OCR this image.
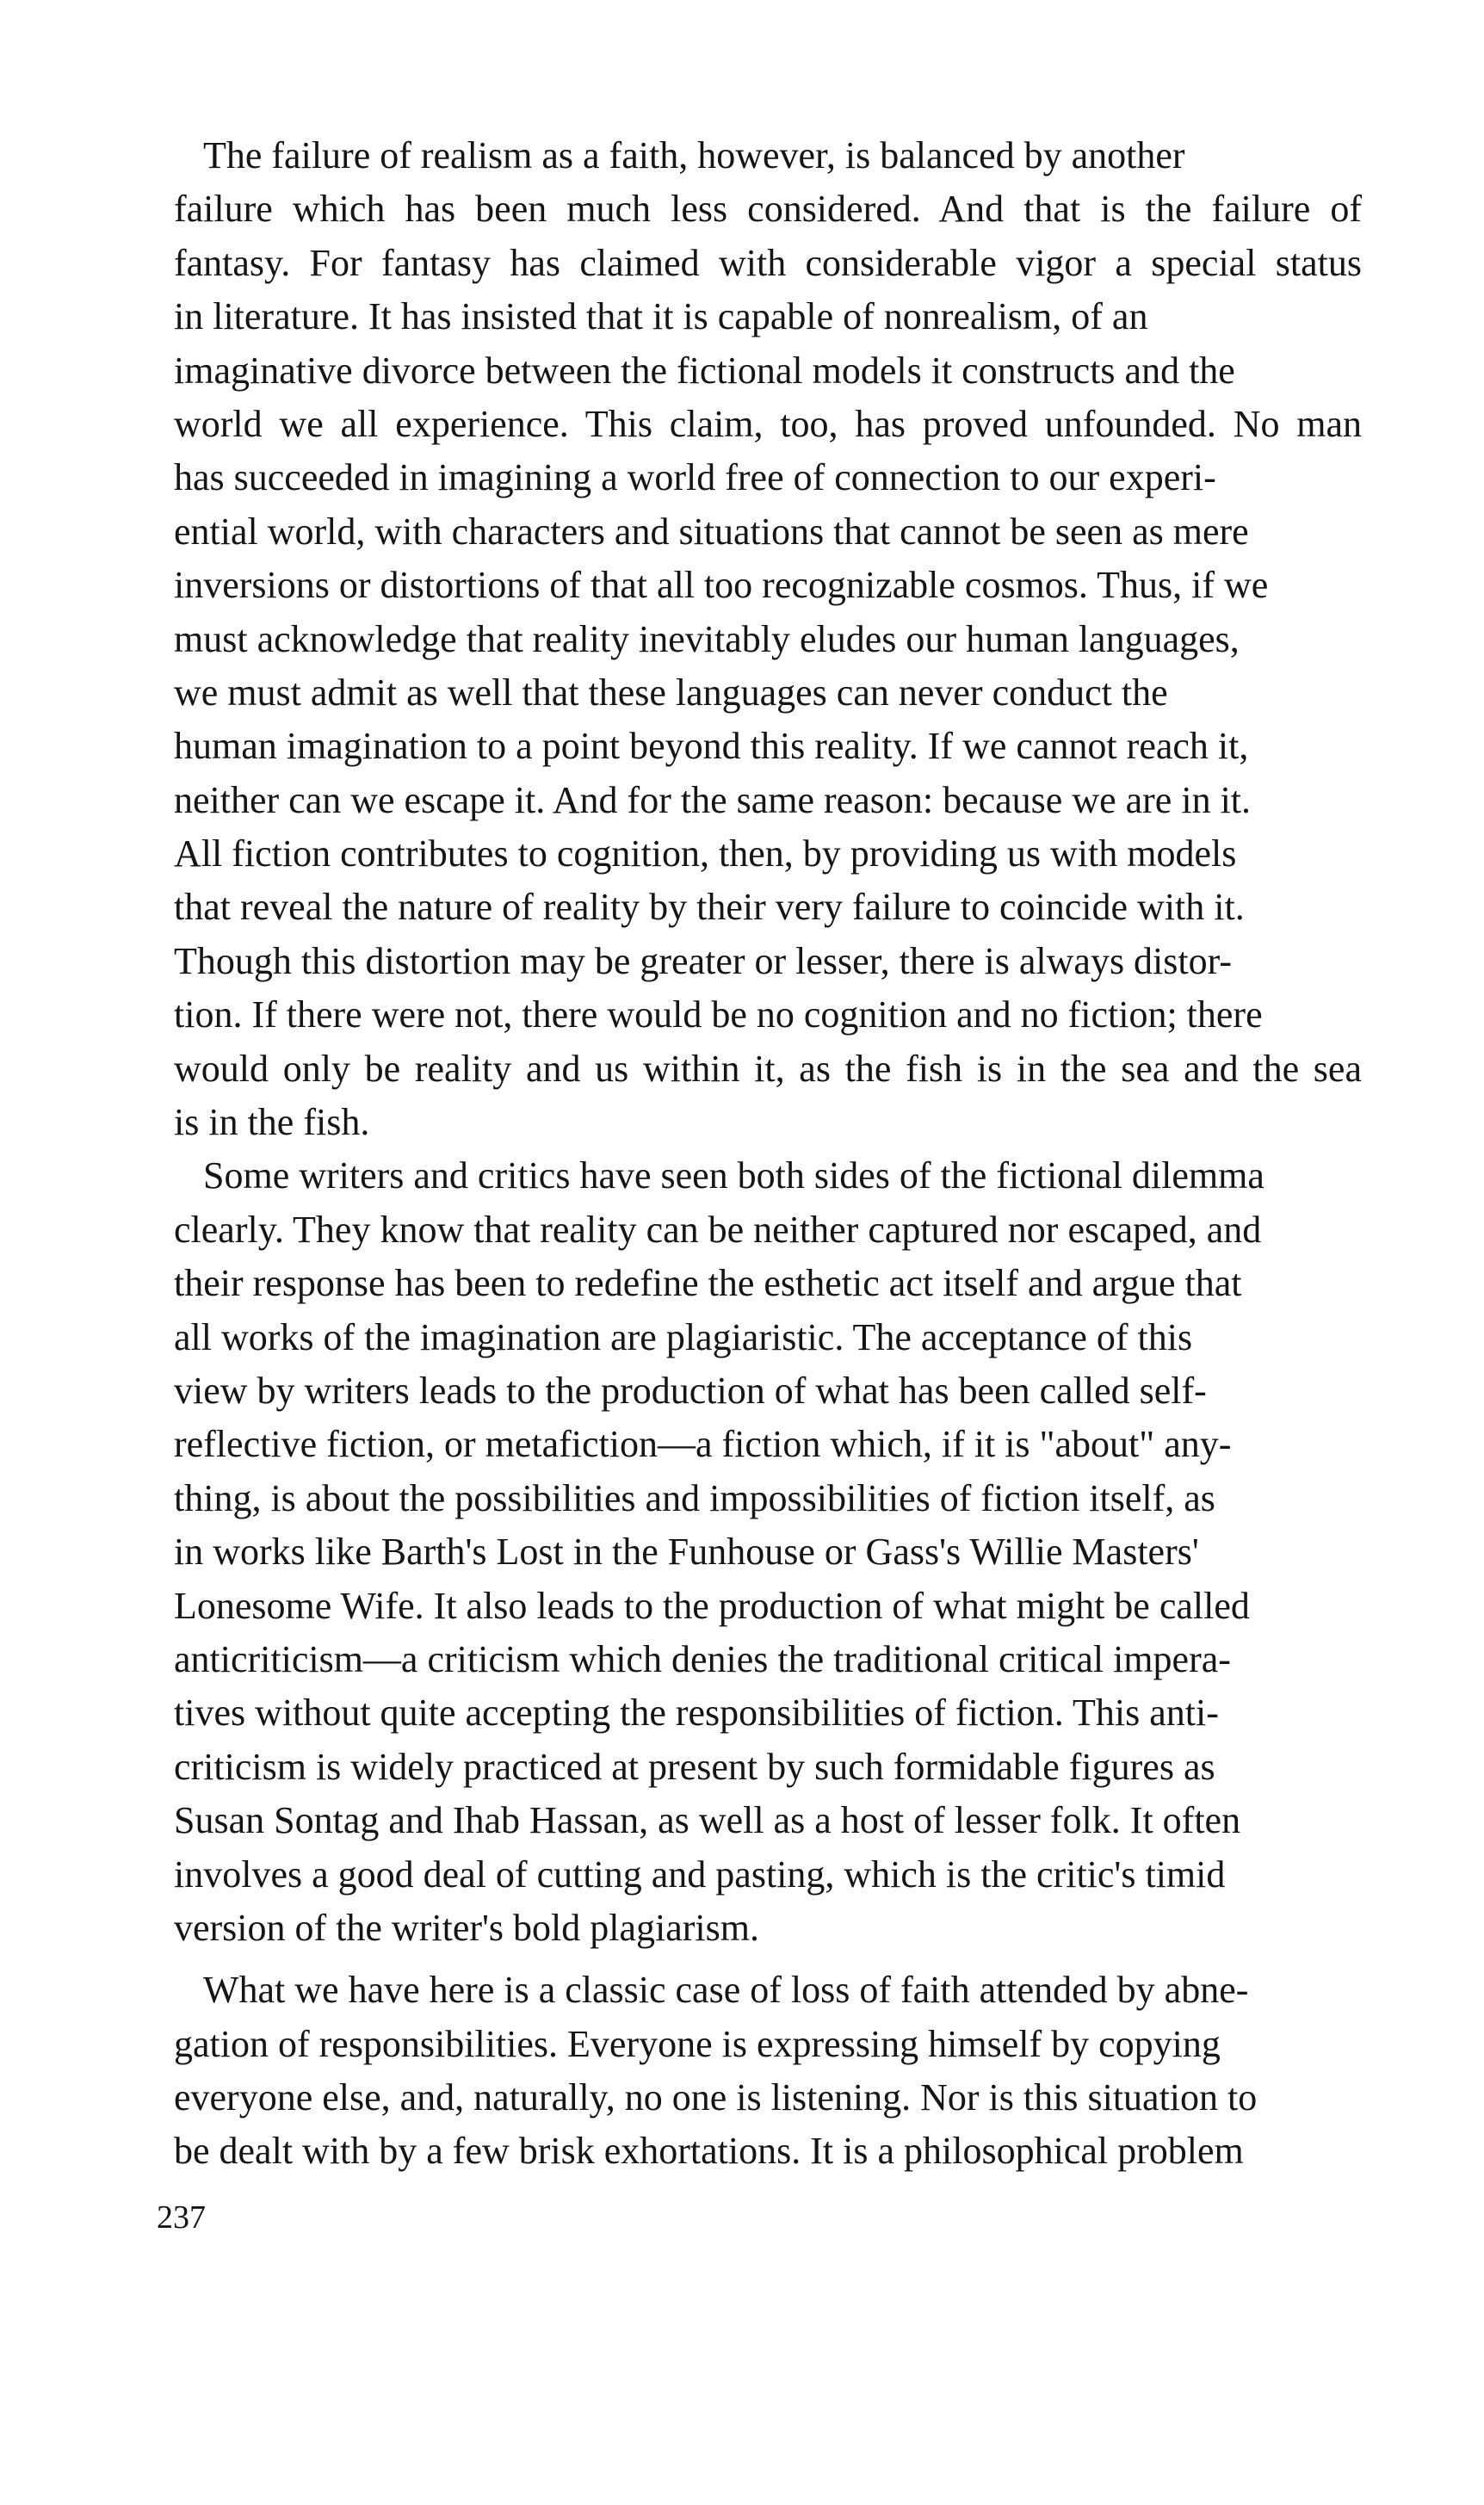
The failure of realism as a faith, however, is balanced by another
failure which has been much less considered. And that is the failure of
fantasy. For fantasy has claimed with considerable vigor a special status
in literature. It has insisted that it is capable of nonrealism, of an
imaginative divorce between the fictional models it constructs and the
world we all experience. This claim, too, has proved unfounded. No man
has succeeded in imagining a world free of connection to our experi-
ential world, with characters and situations that cannot be seen as mere
inversions or distortions of that all too recognizable cosmos. Thus, if we
must acknowledge that reality inevitably eludes our human languages,
we must admit as well that these languages can never conduct the
human imagination to a point beyond this reality. If we cannot reach it,
neither can we escape it. And for the same reason: because we are in it.
All fiction contributes to cognition, then, by providing us with models
that reveal the nature of reality by their very failure to coincide with it.
Though this distortion may be greater or lesser, there is always distor-
tion. If there were not, there would be no cognition and no fiction; there
would only be reality and us within it, as the fish is in the sea and the sea
is in the fish.
Some writers and critics have seen both sides of the fictional dilemma
clearly. They know that reality can be neither captured nor escaped, and
their response has been to redefine the esthetic act itself and argue that
all works of the imagination are plagiaristic. The acceptance of this
view by writers leads to the production of what has been called self-
reflective fiction, or metafiction—a fiction which, if it is "about" any-
thing, is about the possibilities and impossibilities of fiction itself, as
in works like Barth's Lost in the Funhouse or Gass's Willie Masters'
Lonesome Wife. It also leads to the production of what might be called
anticriticism—a criticism which denies the traditional critical impera-
tives without quite accepting the responsibilities of fiction. This anti-
criticism is widely practiced at present by such formidable figures as
Susan Sontag and Ihab Hassan, as well as a host of lesser folk. It often
involves a good deal of cutting and pasting, which is the critic's timid
version of the writer's bold plagiarism.
What we have here is a classic case of loss of faith attended by abne-
gation of responsibilities. Everyone is expressing himself by copying
everyone else, and, naturally, no one is listening. Nor is this situation to
be dealt with by a few brisk exhortations. It is a philosophical problem
237
